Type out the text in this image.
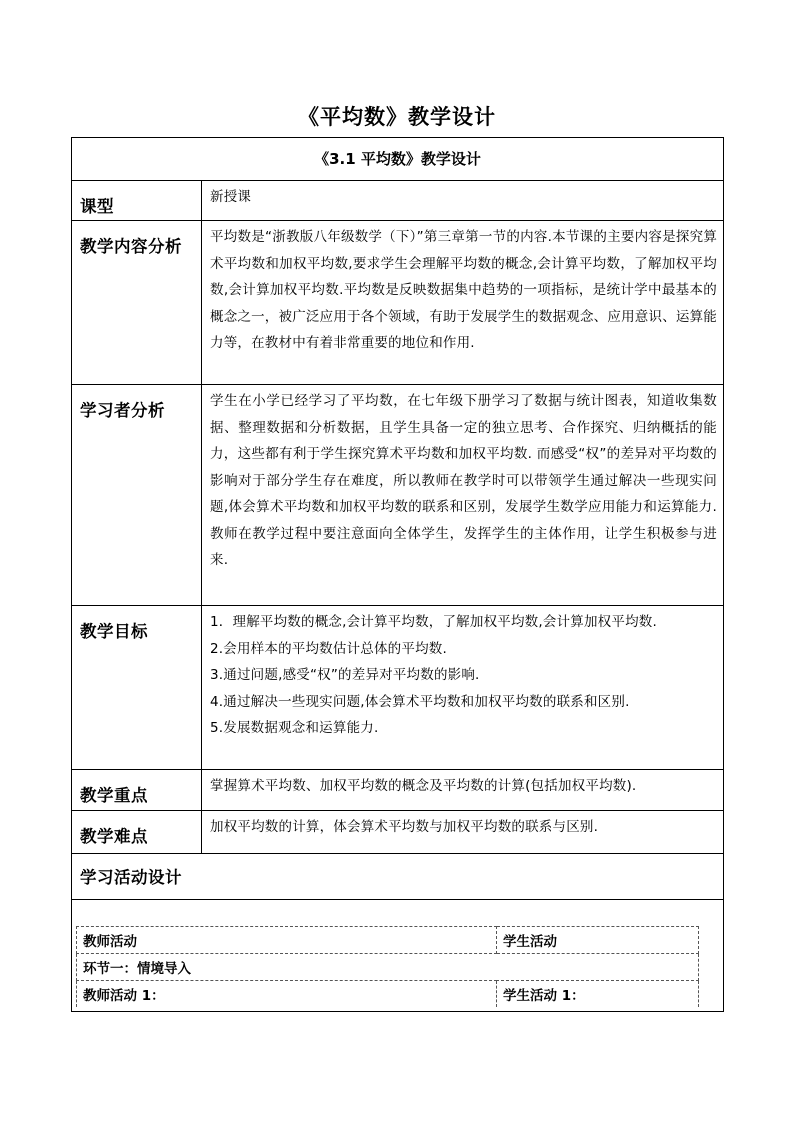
《平均数》教学设计
《3.1 平均数》教学设计
课型	新授课
教学内容分析	平均数是“浙教版八年级数学（下）”第三章第一节的内容.本节课的主要内容是探究算术平均数和加权平均数,要求学生会理解平均数的概念,会计算平均数，了解加权平均数,会计算加权平均数.平均数是反映数据集中趋势的一项指标，是统计学中最基本的概念之一，被广泛应用于各个领域，有助于发展学生的数据观念、应用意识、运算能力等，在教材中有着非常重要的地位和作用.
学习者分析	学生在小学已经学习了平均数，在七年级下册学习了数据与统计图表，知道收集数据、整理数据和分析数据，且学生具备一定的独立思考、合作探究、归纳概括的能力，这些都有利于学生探究算术平均数和加权平均数. 而感受“权”的差异对平均数的影响对于部分学生存在难度，所以教师在教学时可以带领学生通过解决一些现实问题,体会算术平均数和加权平均数的联系和区别，发展学生数学应用能力和运算能力. 教师在教学过程中要注意面向全体学生，发挥学生的主体作用，让学生积极参与进来.
教学目标	1．理解平均数的概念,会计算平均数，了解加权平均数,会计算加权平均数.
2.会用样本的平均数估计总体的平均数.
3.通过问题,感受“权”的差异对平均数的影响.
4.通过解决一些现实问题,体会算术平均数和加权平均数的联系和区别.
5.发展数据观念和运算能力.

教学重点	掌握算术平均数、加权平均数的概念及平均数的计算(包括加权平均数).
教学难点	加权平均数的计算，体会算术平均数与加权平均数的联系与区别.
学习活动设计

教师活动	学生活动
环节一：情境导入
教师活动 1：	学生活动 1：
